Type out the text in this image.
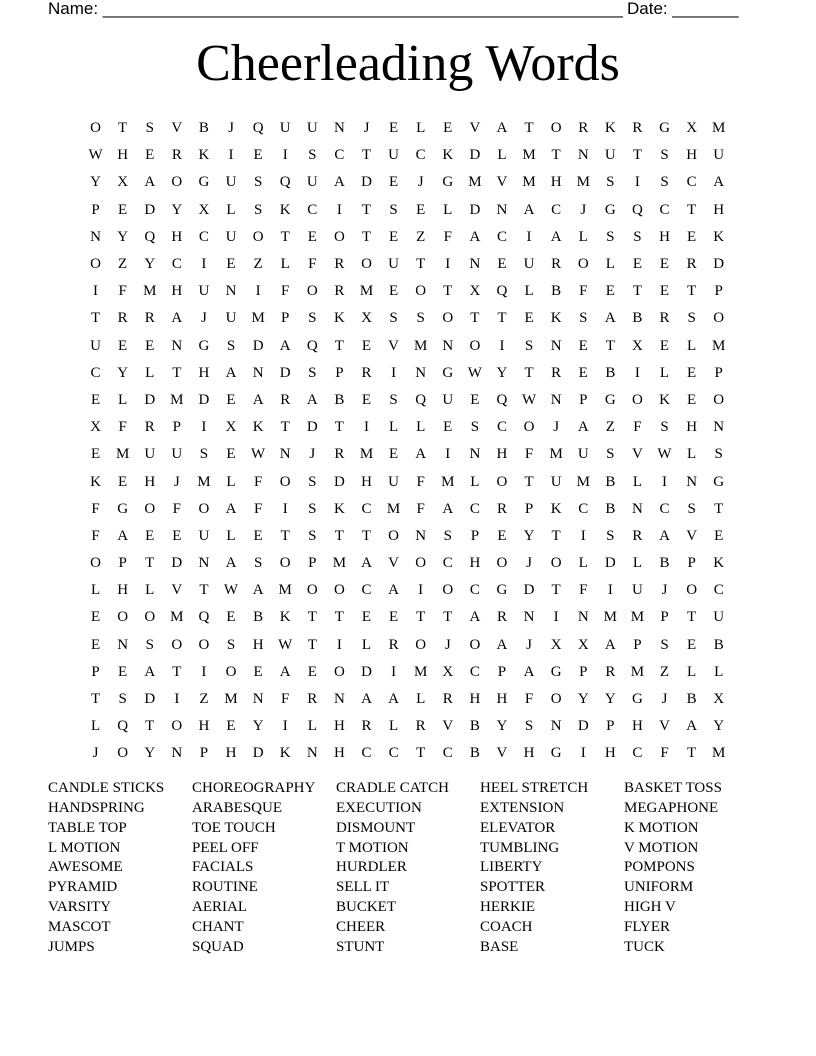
Name: _______________________________________________________ Date: _______
Cheerleading Words
O	T	S	V	B	J	Q	U	U	N	J	E	L	E	V	A	T	O	R	K	R	G	X	M
W H	E	R	K	I	E	I	S	C	T	U	C	K	D	L	M	T	N	U	T	S	H	U
Y	X	A	O	G	U	S	Q	U	A	D	E	J	G	M	V	M	H	M	S	I	S	C	A
P	E	D	Y	X	L	S	K	C	I	T	S	E	L	D	N	A	C	J	G	Q	C	T	H
N	Y	Q	H	C	U	O	T	E	O	T	E	Z	F	A	C	I	A	L	S	S	H	E	K
O	Z	Y	C	I	E	Z	L	F	R	O	U	T	I	N	E	U	R	O	L	E	E	R	D
I	F	M	H	U	N	I	F	O	R	M	E	O	T	X	Q	L	B	F	E	T	E	T	P
T	R	R	A	J	U	M	P	S	K	X	S	S	O	T	T	E	K	S	A	B	R	S	O
U	E	E	N	G	S	D	A	Q	T	E	V	M	N	O	I	S	N	E	T	X	E	L	M
C	Y	L	T	H	A	N	D	S	P	R	I	N	G W Y	T	R	E	B	I	L	E	P
E	L	D	M	D	E	A	R	A	B	E	S	Q	U	E	Q W N	P	G	O	K	E	O
X	F	R	P	I	X	K	T	D	T	I	L	L	E	S	C	O	J	A	Z	F	S	H	N
E	M	U	U	S	E	W N	J	R	M	E	A	I	N	H	F	M	U	S	V W	L	S
K	E	H	J	M	L	F	O	S	D	H	U	F	M	L	O	T	U	M	B	L	I	N	G
F	G	O	F	O	A	F	I	S	K	C	M	F	A	C	R	P	K	C	B	N	C	S	T
F	A	E	E	U	L	E	T	S	T	T	O	N	S	P	E	Y	T	I	S	R	A	V	E
O	P	T	D	N	A	S	O	P	M	A	V	O	C	H	O	J	O	L	D	L	B	P	K
L	H	L	V	T	W A	M	O	O	C	A	I	O	C	G	D	T	F	I	U	J	O	C
E	O	O	M	Q	E	B	K	T	T	E	E	T	T	A	R	N	I	N	M M	P	T	U
E	N	S	O	O	S	H W	T	I	L	R	O	J	O	A	J	X	X	A	P	S	E	B
P	E	A	T	I	O	E	A	E	O	D	I	M	X	C	P	A	G	P	R	M	Z	L	L
T	S	D	I	Z	M	N	F	R	N	A	A	L	R	H	H	F	O	Y	Y	G	J	B	X
L	Q	T	O	H	E	Y	I	L	H	R	L	R	V	B	Y	S	N	D	P	H	V	A	Y
J	O	Y	N	P	H	D	K	N	H	C	C	T	C	B	V	H	G	I	H	C	F	T	M
CANDLE STICKS	CHOREOGRAPHY	CRADLE CATCH	HEEL STRETCH	BASKET TOSS
HANDSPRING	ARABESQUE	EXECUTION	EXTENSION	MEGAPHONE
TABLE TOP	TOE TOUCH	DISMOUNT	ELEVATOR	K MOTION
L MOTION	PEEL OFF	T MOTION	TUMBLING	V MOTION
AWESOME	FACIALS	HURDLER	LIBERTY	POMPONS
PYRAMID	ROUTINE	SELL IT	SPOTTER	UNIFORM
VARSITY	AERIAL	BUCKET	HERKIE	HIGH V
MASCOT	CHANT	CHEER	COACH	FLYER
JUMPS	SQUAD	STUNT	BASE	TUCK
